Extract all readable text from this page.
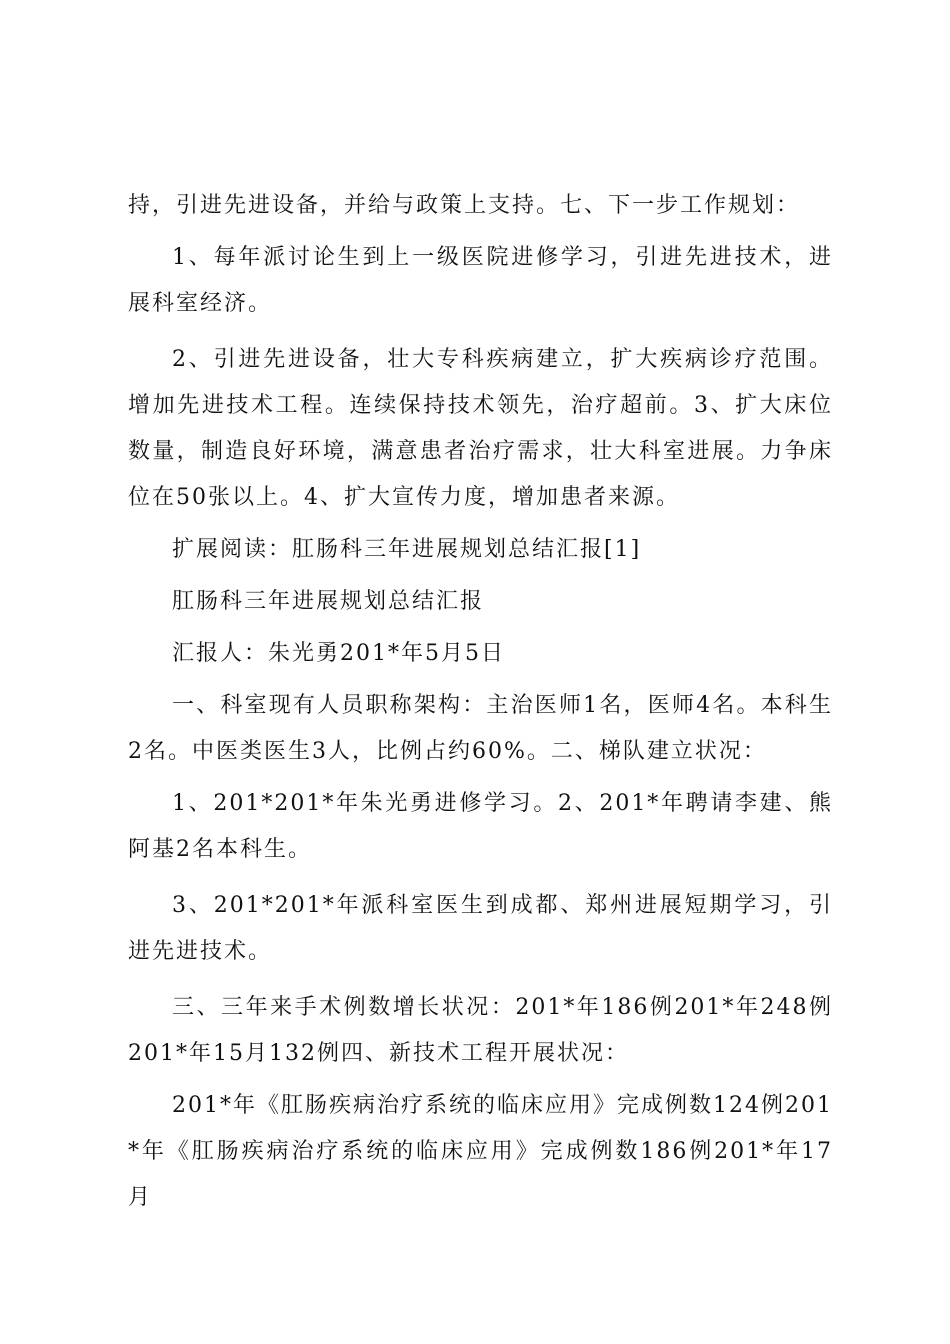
持，引进先进设备，并给与政策上支持。七、下一步工作规划：

1、每年派讨论生到上一级医院进修学习，引进先进技术，进展科室经济。

2、引进先进设备，壮大专科疾病建立，扩大疾病诊疗范围。增加先进技术工程。连续保持技术领先，治疗超前。3、扩大床位数量，制造良好环境，满意患者治疗需求，壮大科室进展。力争床位在50张以上。4、扩大宣传力度，增加患者来源。

扩展阅读：肛肠科三年进展规划总结汇报[1]

肛肠科三年进展规划总结汇报

汇报人：朱光勇201*年5月5日

一、科室现有人员职称架构：主治医师1名，医师4名。本科生2名。中医类医生3人，比例占约60%。二、梯队建立状况：

1、201*201*年朱光勇进修学习。2、201*年聘请李建、熊阿基2名本科生。

3、201*201*年派科室医生到成都、郑州进展短期学习，引进先进技术。

三、三年来手术例数增长状况：201*年186例201*年248例201*年15月132例四、新技术工程开展状况：

201*年《肛肠疾病治疗系统的临床应用》完成例数124例201*年《肛肠疾病治疗系统的临床应用》完成例数186例201*年17月
